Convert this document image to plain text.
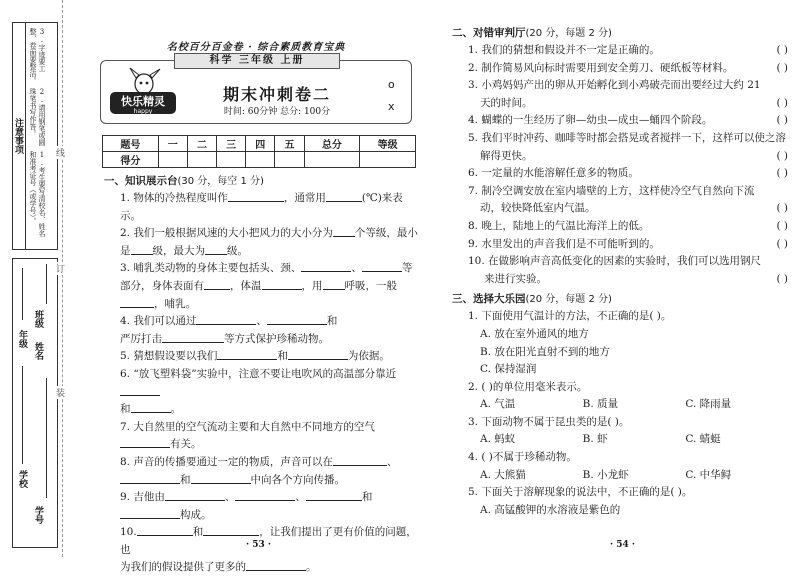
注意事项
1.考生要写清校名、姓名和准考证号（或学号）。
2.请用钢笔或圆珠笔书写作答。
3.字迹要工整，卷面要整洁。
学校
年级
学号
班级
姓名
线
订
装
名校百分百金卷 · 综合素质教育宝典
科学 三年级 上册
快乐精灵
happy
期末冲刺卷二
时间: 60分钟 总分: 100分
o
x
题号	一	二	三	四	五	总分	等级
得分							
一、知识展示台(30 分，每空 1 分)
1. 物体的冷热程度叫作	，通常用	(℃)来表示。
2. 我们一般根据风速的大小把风力的大小分为 个等级，最小
是 级，最大为 级。
3. 哺乳类动物的身体主要包括头、颈、	、	等
部分，身体表面有 ，体温	，用 呼吸，一般
，哺乳。
4. 我们可以通过	、	和
严厉打击	等方式保护珍稀动物。
5. 猜想假设要以我们	和	为依据。
6. “放飞塑料袋”实验中，注意不要让电吹风的高温部分靠近
和	。
7. 大自然里的空气流动主要和大自然中不同地方的空气
有关。
8. 声音的传播要通过一定的物质，声音可以在	、
和	中向各个方向传播。
9. 吉他由	、	、	和
构成。
10.	和	，让我们提出了更有价值的问题，也
为我们的假设提供了更多的	。
· 53 ·
二、对错审判厅(20 分，每题 2 分)
1. 我们的猜想和假设并不一定是正确的。	( )
2. 制作简易风向标时需要用到安全剪刀、硬纸板等材料。	( )
3. 小鸡妈妈产出的卵从开始孵化到小鸡破壳而出要经过大约 21
天的时间。	( )
4. 蝴蝶的一生经历了卵—幼虫—成虫—蛹四个阶段。	( )
5. 我们平时冲药、咖啡等时都会搭晃或者搅拌一下，这样可以使之溶
解得更快。	( )
6. 一定量的水能溶解任意多的物质。	( )
7. 制冷空调安放在室内墙壁的上方，这样使冷空气自然向下流
动，较快降低室内气温。	( )
8. 晚上，陆地上的气温比海洋上的低。	( )
9. 水里发出的声音我们是不可能听到的。	( )
10. 在做影响声音高低变化的因素的实验时，我们可以选用钢尺
来进行实验。	( )
三、选择大乐园(20 分，每题 2 分)
1. 下面使用气温计的方法，不正确的是( )。
A. 放在室外通风的地方
B. 放在阳光直射不到的地方
C. 保持湿润
2. ( )的单位用毫米表示。
A. 气温	B. 质量	C. 降雨量
3. 下面动物不属于昆虫类的是( )。
A. 蚂蚁	B. 虾	C. 蜻蜓
4. ( )不属于珍稀动物。
A. 大熊猫	B. 小龙虾	C. 中华鲟
5. 下面关于溶解现象的说法中，不正确的是( )。
A. 高锰酸钾的水溶液是紫色的
· 54 ·
